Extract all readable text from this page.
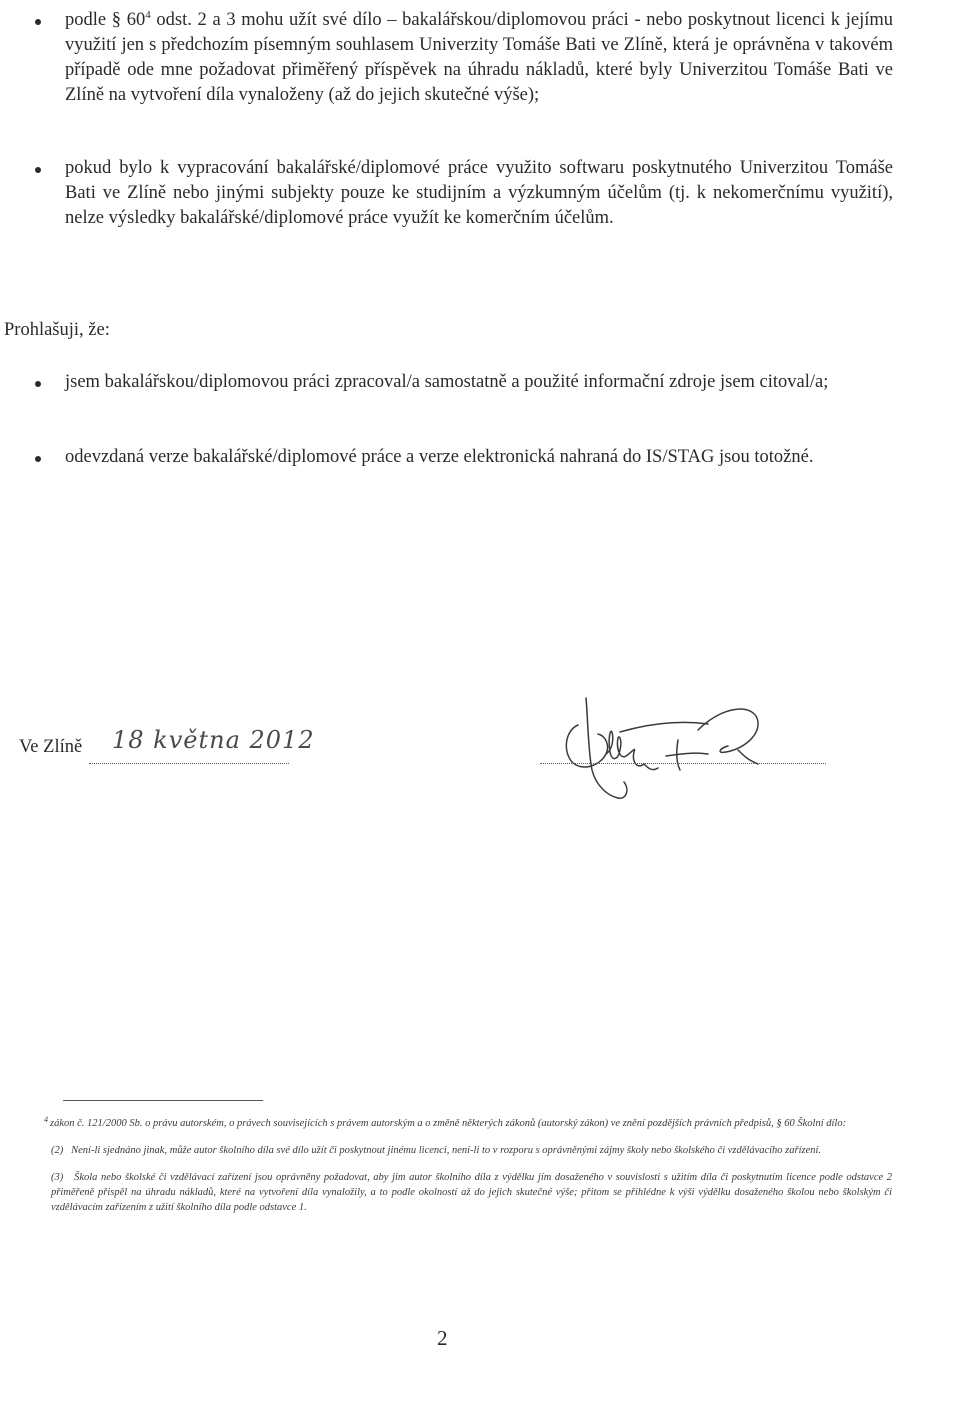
podle § $60^4$ odst. 2 a 3 mohu užít své dílo – bakalářskou/diplomovou práci - nebo poskytnout licenci k jejímu využití jen s předchozím písemným souhlasem Univerzity Tomáše Bati ve Zlíně, která je oprávněna v takovém případě ode mne požadovat přiměřený příspěvek na úhradu nákladů, které byly Univerzitou Tomáše Bati ve Zlíně na vytvoření díla vynaloženy (až do jejich skutečné výše);
pokud bylo k vypracování bakalářské/diplomové práce využito softwaru poskytnutého Univerzitou Tomáše Bati ve Zlíně nebo jinými subjekty pouze ke studijním a výzkumným účelům (tj. k nekomerčnímu využití), nelze výsledky bakalářské/diplomové práce využít ke komerčním účelům.
Prohlašuji, že:
jsem bakalářskou/diplomovou práci zpracoval/a samostatně a použité informační zdroje jsem citoval/a;
odevzdaná verze bakalářské/diplomové práce a verze elektronická nahraná do IS/STAG jsou totožné.
Ve Zlíně 18 května 2012
4 zákon č. 121/2000 Sb. o právu autorském, o právech souvisejících s právem autorským a o změně některých zákonů (autorský zákon) ve znění pozdějších právních předpisů, § 60 Školní dílo:
(2) Není-li sjednáno jinak, může autor školního díla své dílo užít či poskytnout jinému licenci, není-li to v rozporu s oprávněnými zájmy školy nebo školského či vzdělávacího zařízení.
(3) Škola nebo školské či vzdělávací zařízení jsou oprávněny požadovat, aby jim autor školního díla z výdělku jím dosaženého v souvislosti s užitím díla či poskytnutím licence podle odstavce 2 přiměřeně přispěl na úhradu nákladů, které na vytvoření díla vynaložily, a to podle okolností až do jejich skutečné výše; přitom se přihlédne k výši výdělku dosaženého školou nebo školským či vzdělávacím zařízením z užití školního díla podle odstavce 1.
2
